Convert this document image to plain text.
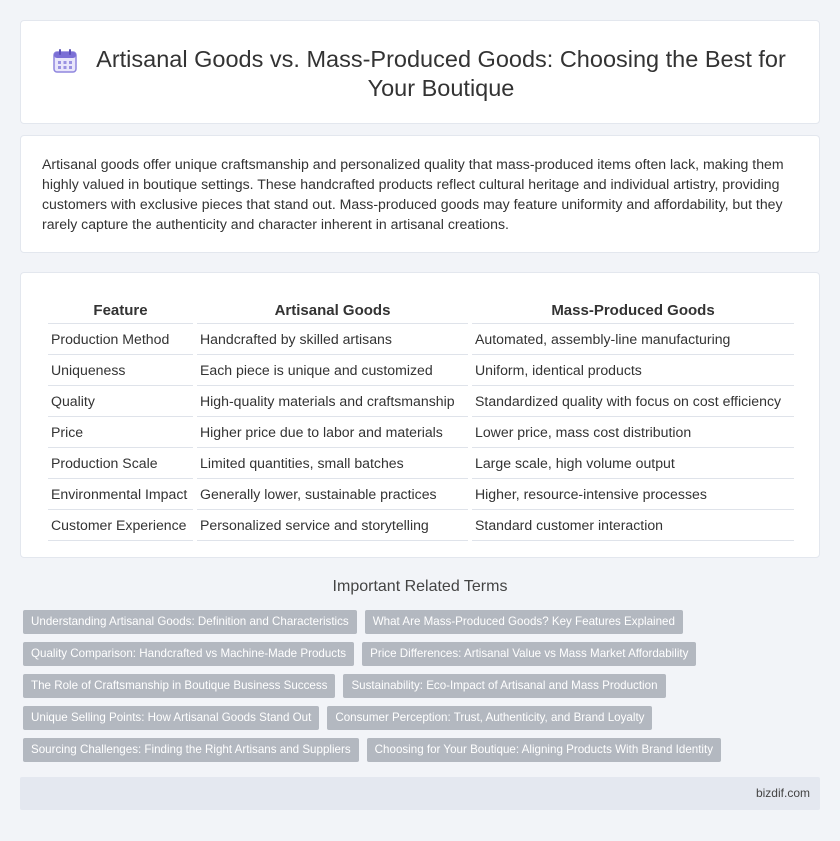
Artisanal Goods vs. Mass-Produced Goods: Choosing the Best for Your Boutique

Artisanal goods offer unique craftsmanship and personalized quality that mass-produced items often lack, making them highly valued in boutique settings. These handcrafted products reflect cultural heritage and individual artistry, providing customers with exclusive pieces that stand out. Mass-produced goods may feature uniformity and affordability, but they rarely capture the authenticity and character inherent in artisanal creations.

Feature	Artisanal Goods	Mass-Produced Goods
Production Method	Handcrafted by skilled artisans	Automated, assembly-line manufacturing
Uniqueness	Each piece is unique and customized	Uniform, identical products
Quality	High-quality materials and craftsmanship	Standardized quality with focus on cost efficiency
Price	Higher price due to labor and materials	Lower price, mass cost distribution
Production Scale	Limited quantities, small batches	Large scale, high volume output
Environmental Impact	Generally lower, sustainable practices	Higher, resource-intensive processes
Customer Experience	Personalized service and storytelling	Standard customer interaction
Important Related Terms
Understanding Artisanal Goods: Definition and Characteristics	What Are Mass-Produced Goods? Key Features Explained
Quality Comparison: Handcrafted vs Machine-Made Products	Price Differences: Artisanal Value vs Mass Market Affordability
The Role of Craftsmanship in Boutique Business Success	Sustainability: Eco-Impact of Artisanal and Mass Production
Unique Selling Points: How Artisanal Goods Stand Out	Consumer Perception: Trust, Authenticity, and Brand Loyalty
Sourcing Challenges: Finding the Right Artisans and Suppliers	Choosing for Your Boutique: Aligning Products With Brand Identity
bizdif.com
